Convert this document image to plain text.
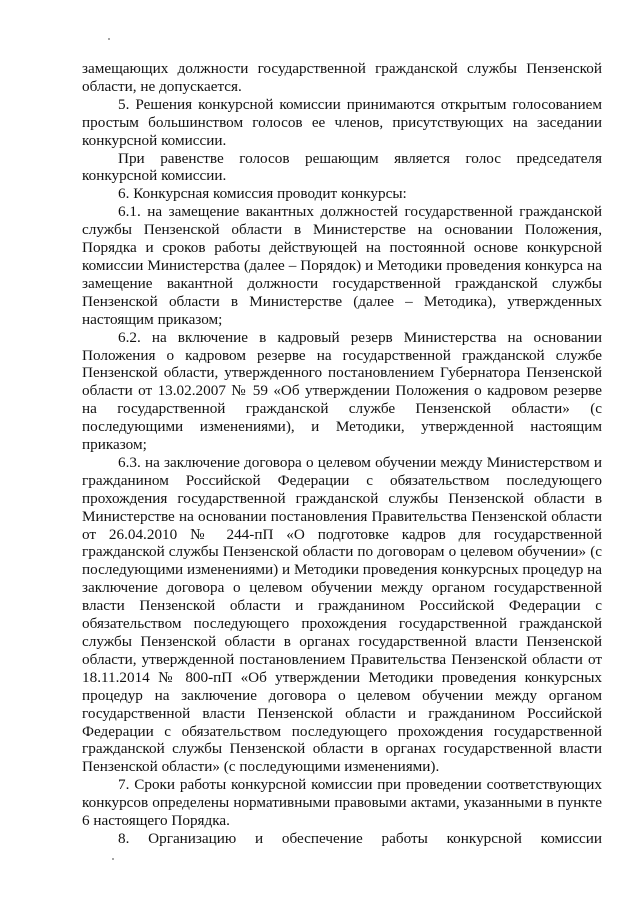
замещающих должности государственной гражданской службы Пензенской области, не допускается.

5. Решения конкурсной комиссии принимаются открытым голосованием простым большинством голосов ее членов, присутствующих на заседании конкурсной комиссии.

При равенстве голосов решающим является голос председателя конкурсной комиссии.

6. Конкурсная комиссия проводит конкурсы:

6.1. на замещение вакантных должностей государственной гражданской службы Пензенской области в Министерстве на основании Положения, Порядка и сроков работы действующей на постоянной основе конкурсной комиссии Министерства (далее – Порядок) и Методики проведения конкурса на замещение вакантной должности государственной гражданской службы Пензенской области в Министерстве (далее – Методика), утвержденных настоящим приказом;

6.2. на включение в кадровый резерв Министерства на основании Положения о кадровом резерве на государственной гражданской службе Пензенской области, утвержденного постановлением Губернатора Пензенской области от 13.02.2007 № 59 «Об утверждении Положения о кадровом резерве на государственной гражданской службе Пензенской области» (с последующими изменениями), и Методики, утвержденной настоящим приказом;

6.3. на заключение договора о целевом обучении между Министерством и гражданином Российской Федерации с обязательством последующего прохождения государственной гражданской службы Пензенской области в Министерстве на основании постановления Правительства Пензенской области от 26.04.2010 № 244-пП «О подготовке кадров для государственной гражданской службы Пензенской области по договорам о целевом обучении» (с последующими изменениями) и Методики проведения конкурсных процедур на заключение договора о целевом обучении между органом государственной власти Пензенской области и гражданином Российской Федерации с обязательством последующего прохождения государственной гражданской службы Пензенской области в органах государственной власти Пензенской области, утвержденной постановлением Правительства Пензенской области от 18.11.2014 № 800-пП «Об утверждении Методики проведения конкурсных процедур на заключение договора о целевом обучении между органом государственной власти Пензенской области и гражданином Российской Федерации с обязательством последующего прохождения государственной гражданской службы Пензенской области в органах государственной власти Пензенской области» (с последующими изменениями).

7. Сроки работы конкурсной комиссии при проведении соответствующих конкурсов определены нормативными правовыми актами, указанными в пункте 6 настоящего Порядка.

8. Организацию и обеспечение работы конкурсной комиссии
